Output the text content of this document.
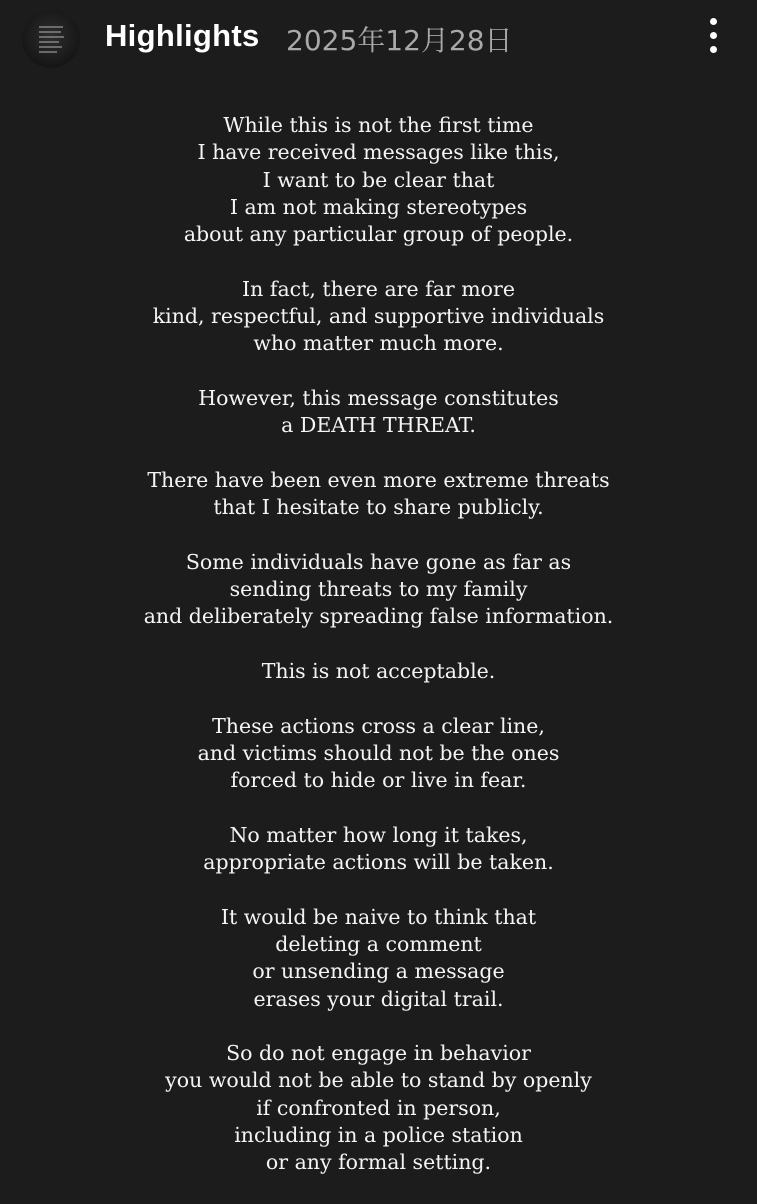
Highlights 2025年12月28日
While this is not the first time
I have received messages like this,
I want to be clear that
I am not making stereotypes
about any particular group of people.
In fact, there are far more
kind, respectful, and supportive individuals
who matter much more.
However, this message constitutes
a DEATH THREAT.
There have been even more extreme threats
that I hesitate to share publicly.
Some individuals have gone as far as
sending threats to my family
and deliberately spreading false information.
This is not acceptable.
These actions cross a clear line,
and victims should not be the ones
forced to hide or live in fear.
No matter how long it takes,
appropriate actions will be taken.
It would be naive to think that
deleting a comment
or unsending a message
erases your digital trail.
So do not engage in behavior
you would not be able to stand by openly
if confronted in person,
including in a police station
or any formal setting.
